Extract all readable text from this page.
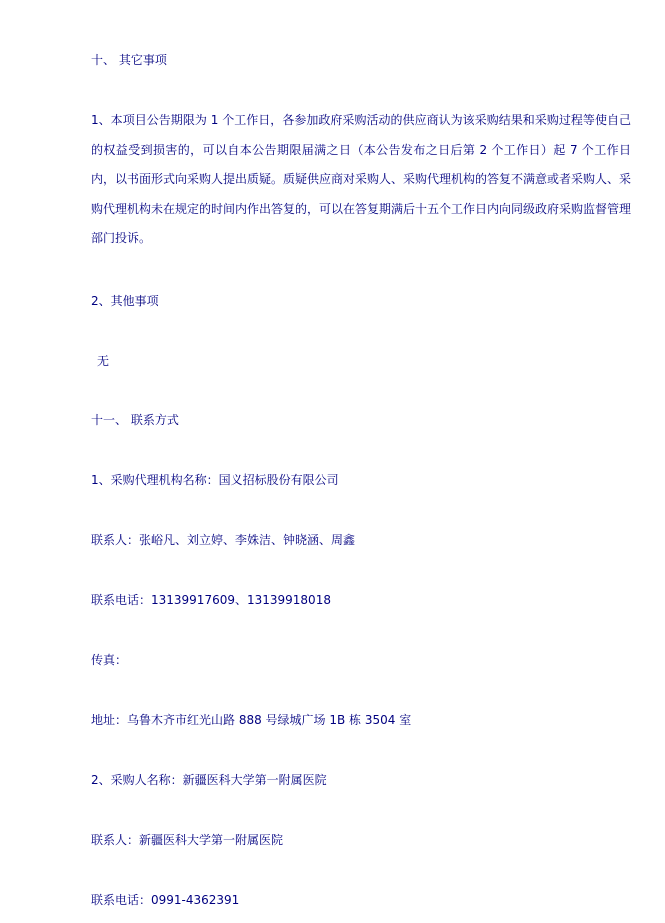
十、 其它事项
1、本项目公告期限为 1 个工作日，各参加政府采购活动的供应商认为该采购结果和采购过程等使自己的权益受到损害的，可以自本公告期限届满之日（本公告发布之日后第 2 个工作日）起 7 个工作日内，以书面形式向采购人提出质疑。质疑供应商对采购人、采购代理机构的答复不满意或者采购人、采购代理机构未在规定的时间内作出答复的，可以在答复期满后十五个工作日内向同级政府采购监督管理部门投诉。
2、其他事项
无
十一、 联系方式
1、采购代理机构名称：国义招标股份有限公司
联系人：张峪凡、刘立婷、李姝洁、钟晓涵、周鑫
联系电话：13139917609、13139918018
传真：
地址：乌鲁木齐市红光山路 888 号绿城广场 1B 栋 3504 室
2、采购人名称：新疆医科大学第一附属医院
联系人：新疆医科大学第一附属医院
联系电话：0991-4362391
